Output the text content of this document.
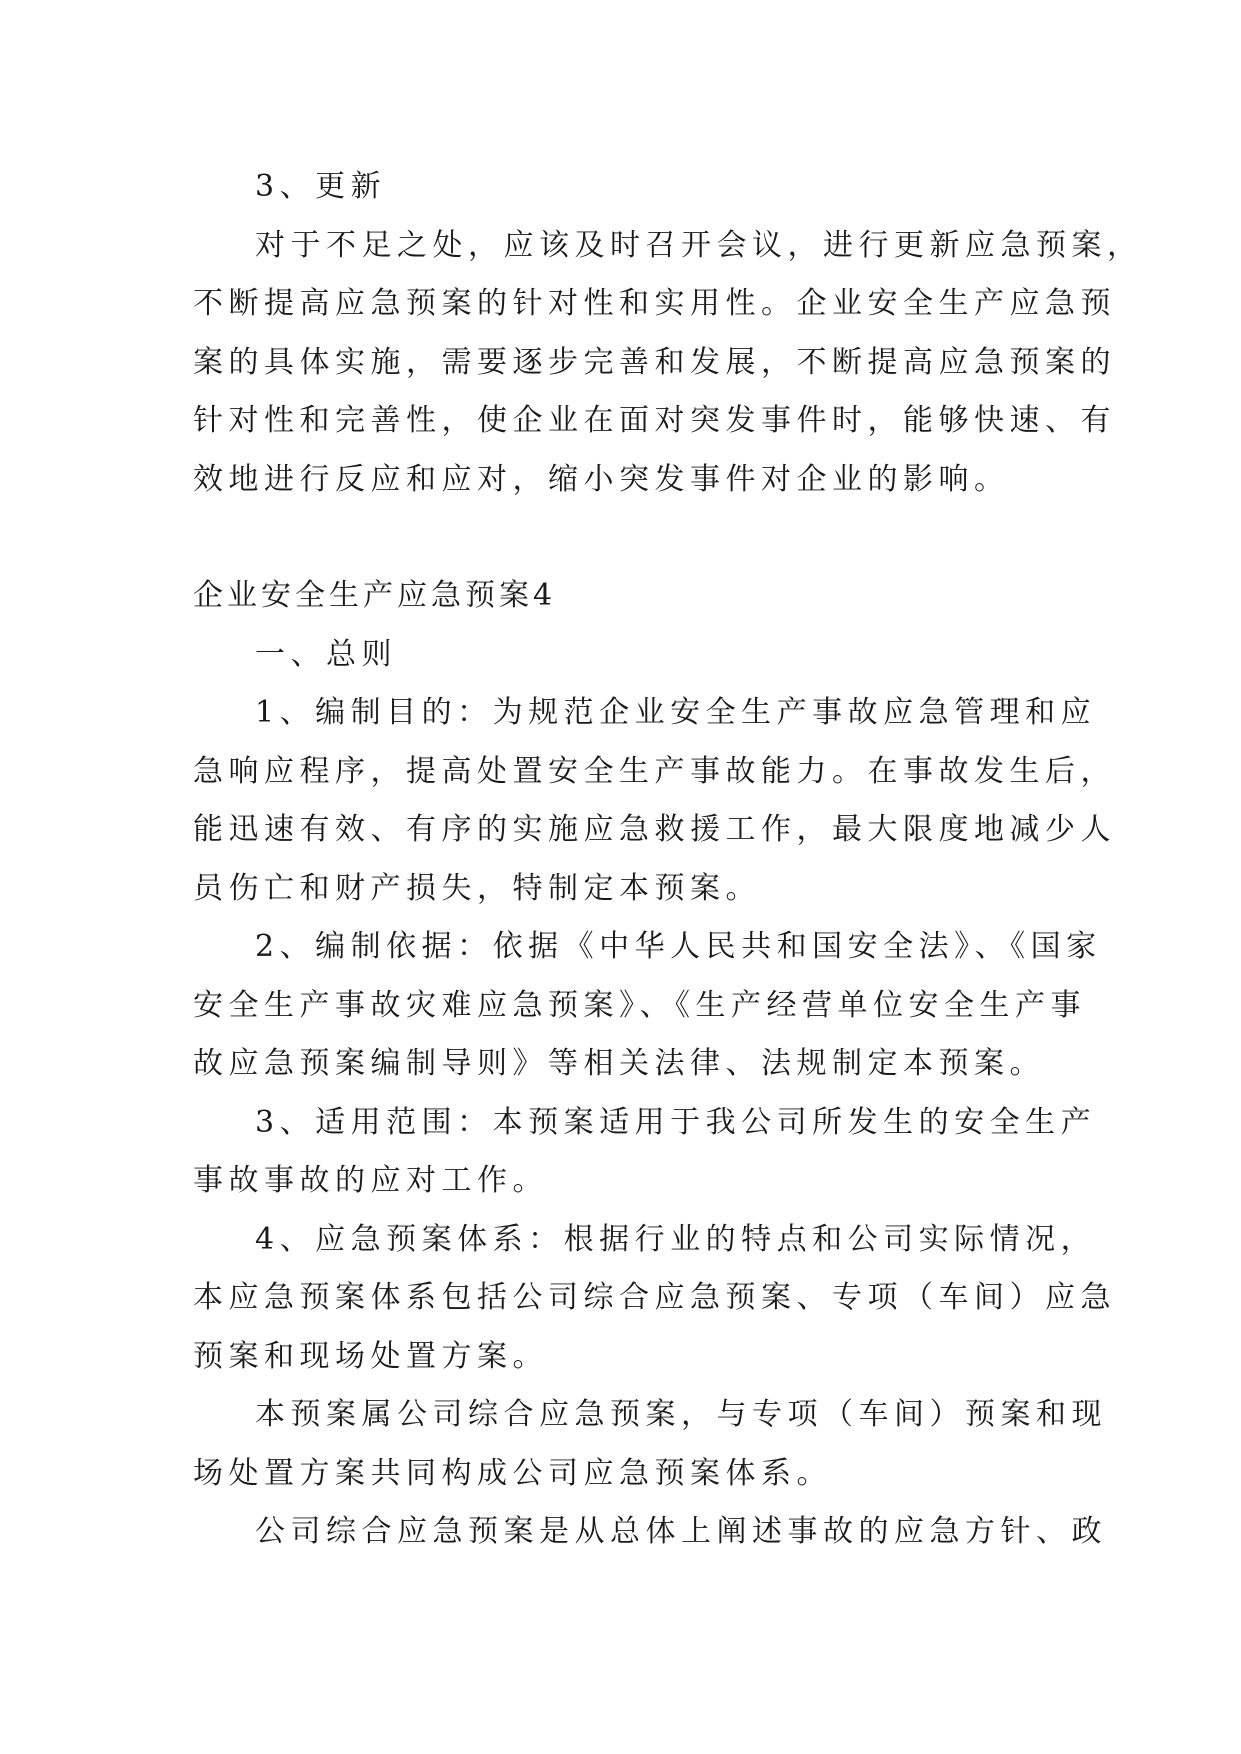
3、更新
对于不足之处，应该及时召开会议，进行更新应急预案，
不断提高应急预案的针对性和实用性。企业安全生产应急预
案的具体实施，需要逐步完善和发展，不断提高应急预案的
针对性和完善性，使企业在面对突发事件时，能够快速、有
效地进行反应和应对，缩小突发事件对企业的影响。
企业安全生产应急预案4
一、总则
1、编制目的：为规范企业安全生产事故应急管理和应
急响应程序，提高处置安全生产事故能力。在事故发生后，
能迅速有效、有序的实施应急救援工作，最大限度地减少人
员伤亡和财产损失，特制定本预案。
2、编制依据：依据《中华人民共和国安全法》、《国家
安全生产事故灾难应急预案》、《生产经营单位安全生产事
故应急预案编制导则》等相关法律、法规制定本预案。
3、适用范围：本预案适用于我公司所发生的安全生产
事故事故的应对工作。
4、应急预案体系：根据行业的特点和公司实际情况，
本应急预案体系包括公司综合应急预案、专项（车间）应急
预案和现场处置方案。
本预案属公司综合应急预案，与专项（车间）预案和现
场处置方案共同构成公司应急预案体系。
公司综合应急预案是从总体上阐述事故的应急方针、政
